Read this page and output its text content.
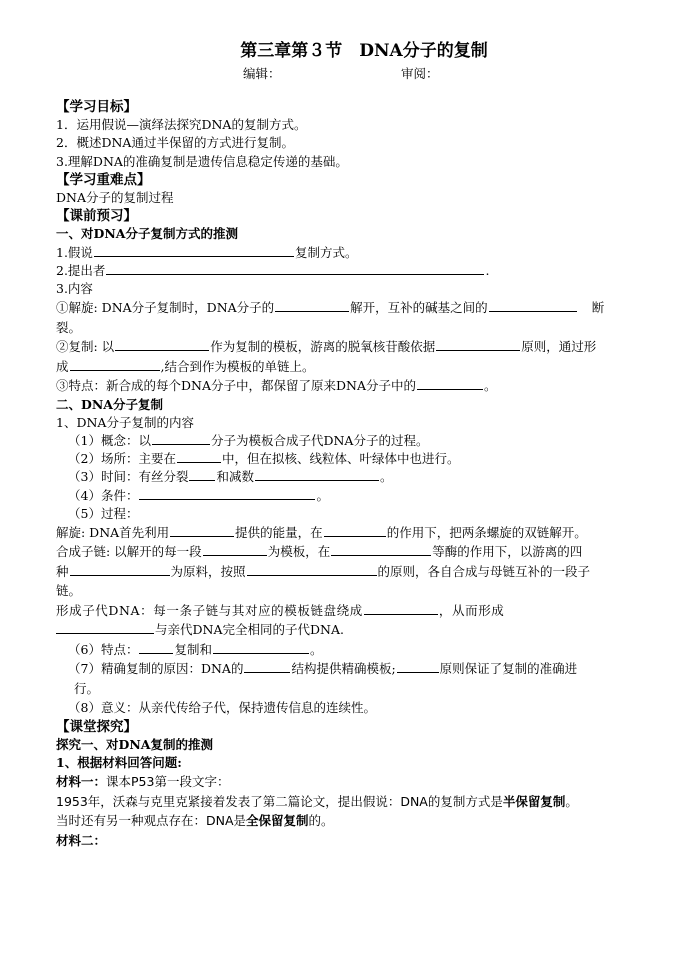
第三章第３节　DNA分子的复制
编辑：	审阅：
【学习目标】
1．运用假说—演绎法探究DNA的复制方式。
2．概述DNA通过半保留的方式进行复制。
3.理解DNA的准确复制是遗传信息稳定传递的基础。
【学习重难点】
DNA分子的复制过程
【课前预习】
一、对DNA分子复制方式的推测
1.假说	复制方式。
2.提出者	.
3.内容
①解旋: DNA分子复制时，DNA分子的	解开，互补的碱基之间的	断
裂。
②复制: 以	作为复制的模板，游离的脱氧核苷酸依据	原则，通过形
成	,结合到作为模板的单链上。
③特点：新合成的每个DNA分子中，都保留了原来DNA分子中的	。
二、DNA分子复制
1、DNA分子复制的内容
（1）概念：以	分子为模板合成子代DNA分子的过程。
（2）场所：主要在	中，但在拟核、线粒体、叶绿体中也进行。
（3）时间：有丝分裂 和减数	。
（4）条件：	。
（5）过程：
解旋: DNA首先利用	提供的能量，在	的作用下，把两条螺旋的双链解开。
合成子链: 以解开的每一段	为模板，在	等酶的作用下，以游离的四
种	为原料，按照	的原则，各自合成与母链互补的一段子
链。
形成子代DNA：每一条子链与其对应的模板链盘绕成	，从而形成
与亲代DNA完全相同的子代DNA.
（6）特点：	复制和	。
（7）精确复制的原因：DNA的	结构提供精确模板;	原则保证了复制的准确进
行。
（8）意义：从亲代传给子代，保持遗传信息的连续性。
【课堂探究】
探究一、对DNA复制的推测
1、根据材料回答问题:
材料一：课本P53第一段文字：
1953年，沃森与克里克紧接着发表了第二篇论文，提出假说：DNA的复制方式是半保留复制。
当时还有另一种观点存在：DNA是全保留复制的。
材料二：
